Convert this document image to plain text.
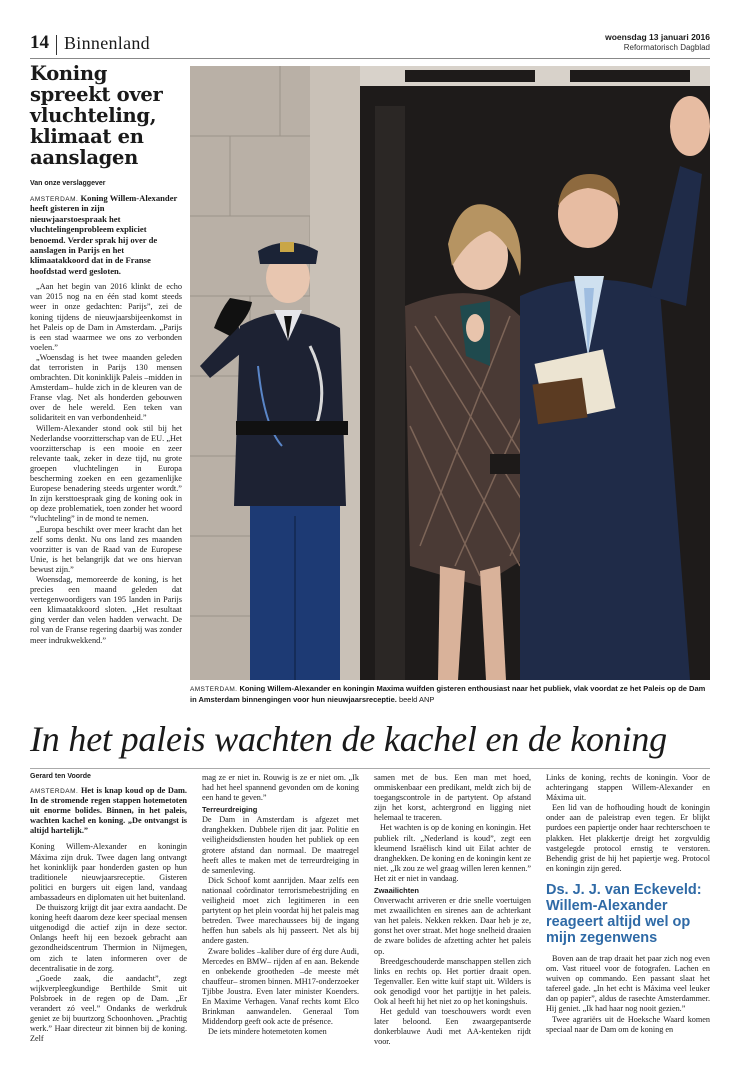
14 Binnenland	woensdag 13 januari 2016
Reformatorisch Dagblad
Koning spreekt over vluchteling, klimaat en aanslagen
Van onze verslaggever
AMSTERDAM. Koning Willem-Alexander heeft gisteren in zijn nieuwjaarstoespraak het vluchtelingenprobleem expliciet benoemd. Verder sprak hij over de aanslagen in Parijs en het klimaatakkoord dat in de Franse hoofdstad werd gesloten.

„Aan het begin van 2016 klinkt de echo van 2015 nog na en één stad komt steeds weer in onze gedachten: Parijs”, zei de koning tijdens de nieuwjaarsbijeenkomst in het Paleis op de Dam in Amsterdam. „Parijs is een stad waarmee we ons zo verbonden voelen.”

„Woensdag is het twee maanden geleden dat terroristen in Parijs 130 mensen ombrachten. Dit koninklijk Paleis –midden in Amsterdam– hulde zich in de kleuren van de Franse vlag. Net als honderden gebouwen over de hele wereld. Een teken van solidariteit en van verbondenheid.”

Willem-Alexander stond ook stil bij het Nederlandse voorzitterschap van de EU. „Het voorzitterschap is een mooie en zeer relevante taak, zeker in deze tijd, nu grote groepen vluchtelingen in Europa bescherming zoeken en een gezamenlijke Europese benadering steeds urgenter wordt.” In zijn kersttoespraak ging de koning ook in op deze problematiek, toen zonder het woord “vluchteling” in de mond te nemen.

„Europa beschikt over meer kracht dan het zelf soms denkt. Nu ons land zes maanden voorzitter is van de Raad van de Europese Unie, is het belangrijk dat we ons hiervan bewust zijn.”

Woensdag, memoreerde de koning, is het precies een maand geleden dat vertegenwoordigers van 195 landen in Parijs een klimaatakkoord sloten. „Het resultaat ging verder dan velen hadden verwacht. De rol van de Franse regering daarbij was zonder meer indrukwekkend.”

AMSTERDAM. Koning Willem-Alexander en koningin Maxima wuifden gisteren enthousiast naar het publiek, vlak voordat ze het Paleis op de Dam in Amsterdam binnengingen voor hun nieuwjaarsreceptie. beeld ANP
In het paleis wachten de kachel en de koning
Gerard ten Voorde

AMSTERDAM. Het is knap koud op de Dam. In de stromende regen stappen hotemetoten uit enorme bolides. Binnen, in het paleis, wachten kachel en koning. „De ontvangst is altijd hartelijk.”

Koning Willem-Alexander en koningin Máxima zijn druk. Twee dagen lang ontvangt het koninklijk paar honderden gasten op hun traditionele nieuwjaarsreceptie. Gisteren politici en burgers uit eigen land, vandaag ambassadeurs en diplomaten uit het buitenland.

De thuiszorg krijgt dit jaar extra aandacht. De koning heeft daarom deze keer speciaal mensen uitgenodigd die actief zijn in deze sector. Onlangs heeft hij een bezoek gebracht aan gezondheidscentrum Thermion in Nijmegen, om zich te laten informeren over de decentralisatie in de zorg.

„Goede zaak, die aandacht”, zegt wijkverpleegkundige Berthilde Smit uit Polsbroek in de regen op de Dam. „Er verandert zó veel.” Ondanks de werkdruk geniet ze bij buurtzorg Schoonhoven. „Prachtig werk.” Haar directeur zit binnen bij de koning. Zelf

mag ze er niet in. Rouwig is ze er niet om. „Ik had het heel spannend gevonden om de koning een hand te geven.”

Terreurdreiging

De Dam in Amsterdam is afgezet met dranghekken. Dubbele rijen dit jaar. Politie en veiligheidsdiensten houden het publiek op een grotere afstand dan normaal. De maatregel heeft alles te maken met de terreurdreiging in de samenleving.

Dick Schoof komt aanrijden. Maar zelfs een nationaal coördinator terrorismebestrijding en veiligheid moet zich legitimeren in een partytent op het plein voordat hij het paleis mag betreden. Twee marechaussees bij de ingang heffen hun sabels als hij passeert. Net als bij andere gasten.

Zware bolides –kaliber dure of érg dure Audi, Mercedes en BMW– rijden af en aan. Bekende en onbekende grootheden –de meeste mét chauffeur– stromen binnen. MH17-onderzoeker Tjibbe Joustra. Even later minister Koenders. En Maxime Verhagen. Vanaf rechts komt Elco Brinkman aanwandelen. Generaal Tom Middendorp geeft ook acte de présence.

De iets mindere hotemetoten komen

samen met de bus. Een man met hoed, ommiskenbaar een predikant, meldt zich bij de toegangscontrole in de partytent. Op afstand zijn het korst, achtergrond en ligging niet helemaal te traceren.

Het wachten is op de koning en koningin. Het publiek rilt. „Nederland is koud”, zegt een kleumend Israëlisch kind uit Eilat achter de dranghekken. De koning en de koningin kent ze niet. „Ik zou ze wel graag willen leren kennen.” Het zit er niet in vandaag.

Zwaailichten

Onverwacht arriveren er drie snelle voertuigen met zwaailichten en sirenes aan de achterkant van het paleis. Nekken rekken. Daar heb je ze, gonst het over straat. Met hoge snelheid draaien de zware bolides de afzetting achter het paleis op.

Breedgeschouderde manschappen stellen zich links en rechts op. Het portier draait open. Tegenvaller. Een witte kuif stapt uit. Wilders is ook genodigd voor het partijtje in het paleis. Ook al heeft hij het niet zo op het koningshuis.

Het geduld van toeschouwers wordt even later beloond. Een zwaargepantserde donkerblauwe Audi met AA-kenteken rijdt voor.

Links de koning, rechts de koningin. Voor de achteringang stappen Willem-Alexander en Máxima uit.

Een lid van de hofhouding houdt de koningin onder aan de paleistrap even tegen. Er blijkt purdoes een papiertje onder haar rechterschoen te plakken. Het plakkertje dreigt het zorgvuldig vastgelegde protocol ernstig te verstoren. Behendig grist de hij het papiertje weg. Protocol en koningin zijn gered.

Ds. J. J. van Eckeveld: Willem-Alexander reageert altijd wel op mijn zegenwens

Boven aan de trap draait het paar zich nog even om. Vast ritueel voor de fotografen. Lachen en wuiven op commando. Een passant slaat het tafereel gade. „In het echt is Máxima veel leuker dan op papier”, aldus de rasechte Amsterdammer. Hij geniet. „Ik had haar nog nooit gezien.”

Twee agrariërs uit de Hoeksche Waard komen speciaal naar de Dam om de koning en
